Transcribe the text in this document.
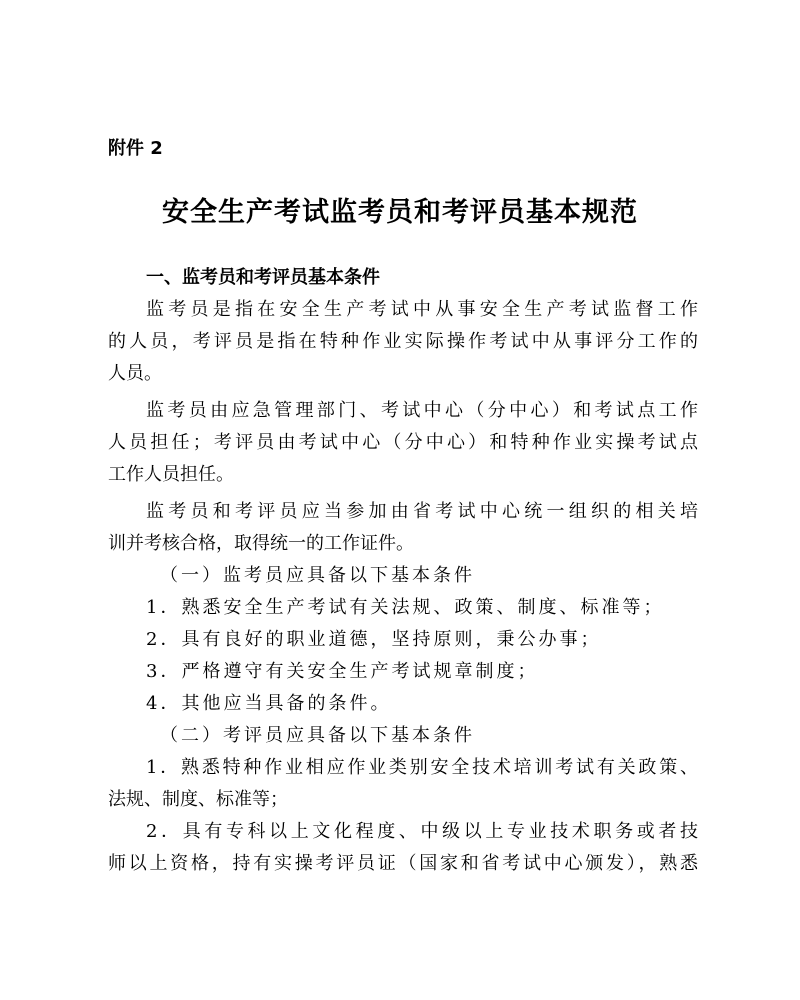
附件 2
安全生产考试监考员和考评员基本规范
一、监考员和考评员基本条件
监考员是指在安全生产考试中从事安全生产考试监督工作
的人员，考评员是指在特种作业实际操作考试中从事评分工作的
人员。
监考员由应急管理部门、考试中心（分中心）和考试点工作
人员担任；考评员由考试中心（分中心）和特种作业实操考试点
工作人员担任。
监考员和考评员应当参加由省考试中心统一组织的相关培
训并考核合格，取得统一的工作证件。
（一）监考员应具备以下基本条件
1．熟悉安全生产考试有关法规、政策、制度、标准等；
2．具有良好的职业道德，坚持原则，秉公办事；
3．严格遵守有关安全生产考试规章制度；
4．其他应当具备的条件。
（二）考评员应具备以下基本条件
1．熟悉特种作业相应作业类别安全技术培训考试有关政策、
法规、制度、标准等；
2．具有专科以上文化程度、中级以上专业技术职务或者技
师以上资格，持有实操考评员证（国家和省考试中心颁发），熟悉
